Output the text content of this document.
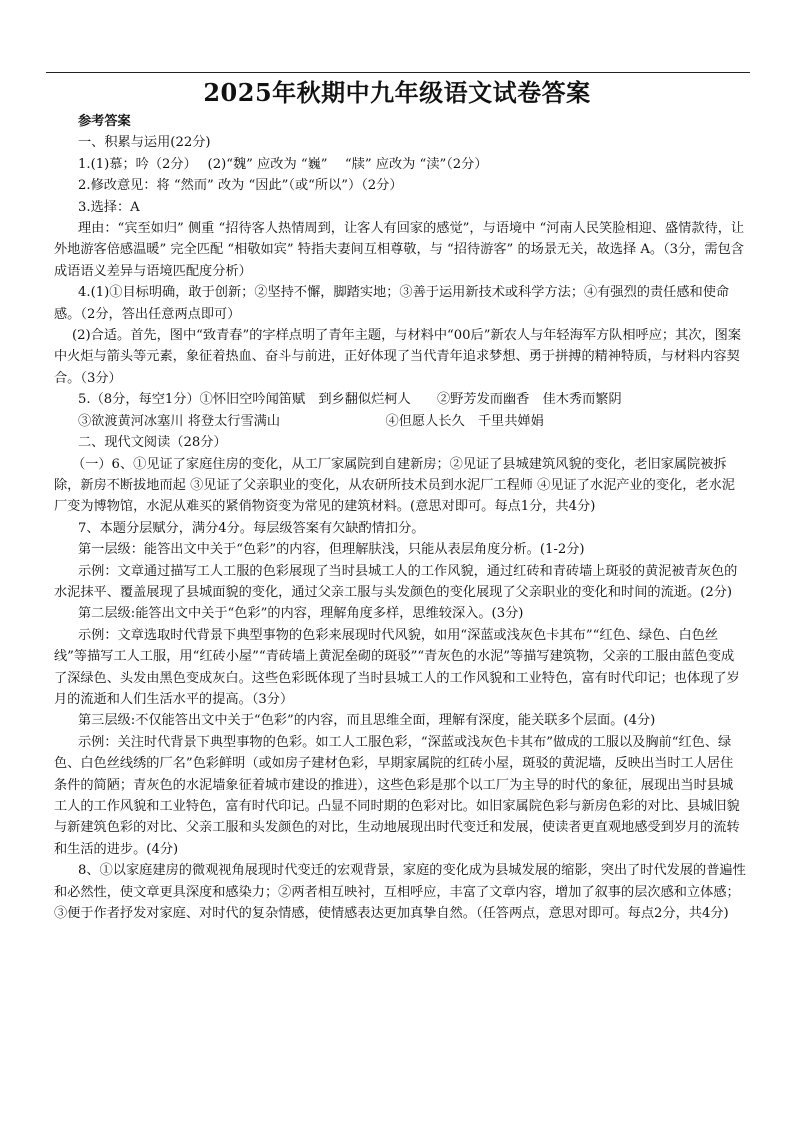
2025年秋期中九年级语文试卷答案

参考答案

一、积累与运用(22分)

1.(1)慕；吟（2分）　 (2)“魏” 应改为 “巍”　 “牍” 应改为 “渎”（2分）

2.修改意见：将 “然而” 改为 “因此”（或“所以”）（2分）

3.选择：A

理由：“宾至如归” 侧重 “招待客人热情周到，让客人有回家的感觉”，与语境中 “河南人民笑脸相迎、盛情款待，让外地游客倍感温暖” 完全匹配 “相敬如宾” 特指夫妻间互相尊敬，与 “招待游客” 的场景无关，故选择 A。（3分，需包含成语语义差异与语境匹配度分析）

4.(1)①目标明确，敢于创新；②坚持不懈，脚踏实地；③善于运用新技术或科学方法；④有强烈的责任感和使命感。（2分，答出任意两点即可）

(2)合适。首先，图中“致青春”的字样点明了青年主题，与材料中“00后”新农人与年轻海军方队相呼应；其次，图案中火炬与箭头等元素，象征着热血、奋斗与前进，正好体现了当代青年追求梦想、勇于拼搏的精神特质，与材料内容契合。（3分）

5.（8分，每空1分）①怀旧空吟闻笛赋　到乡翻似烂柯人　　②野芳发而幽香　佳木秀而繁阴

③欲渡黄河冰塞川 将登太行雪满山　　　　　　　　④但愿人长久　千里共婵娟

二、现代文阅读（28分）

（一）6、①见证了家庭住房的变化，从工厂家属院到自建新房；②见证了县城建筑风貌的变化，老旧家属院被拆除，新房不断拔地而起 ③见证了父亲职业的变化，从农研所技术员到水泥厂工程师 ④见证了水泥产业的变化，老水泥厂变为博物馆，水泥从难买的紧俏物资变为常见的建筑材料。(意思对即可。每点1分，共4分)

7、本题分层赋分，满分4分。每层级答案有欠缺酌情扣分。

第一层级：能答出文中关于“色彩”的内容，但理解肤浅，只能从表层角度分析。(1-2分)

示例：文章通过描写工人工服的色彩展现了当时县城工人的工作风貌，通过红砖和青砖墙上斑驳的黄泥被青灰色的水泥抹平、覆盖展现了县城面貌的变化，通过父亲工服与头发颜色的变化展现了父亲职业的变化和时间的流逝。(2分)

第二层级:能答出文中关于“色彩”的内容，理解角度多样，思维较深入。(3分)

示例：文章选取时代背景下典型事物的色彩来展现时代风貌，如用“深蓝或浅灰色卡其布”“红色、绿色、白色丝线”等描写工人工服，用“红砖小屋”“青砖墙上黄泥垒砌的斑驳”“青灰色的水泥”等描写建筑物，父亲的工服由蓝色变成了深绿色、头发由黑色变成灰白。这些色彩既体现了当时县城工人的工作风貌和工业特色，富有时代印记；也体现了岁月的流逝和人们生活水平的提高。（3分）

第三层级:不仅能答出文中关于“色彩”的内容，而且思维全面，理解有深度，能关联多个层面。(4分)

示例：关注时代背景下典型事物的色彩。如工人工服色彩，“深蓝或浅灰色卡其布”做成的工服以及胸前“红色、绿色、白色丝线绣的厂名”色彩鲜明（或如房子建材色彩，早期家属院的红砖小屋，斑驳的黄泥墙，反映出当时工人居住条件的简陋；青灰色的水泥墙象征着城市建设的推进），这些色彩是那个以工厂为主导的时代的象征，展现出当时县城工人的工作风貌和工业特色，富有时代印记。凸显不同时期的色彩对比。如旧家属院色彩与新房色彩的对比、县城旧貌与新建筑色彩的对比、父亲工服和头发颜色的对比，生动地展现出时代变迁和发展，使读者更直观地感受到岁月的流转和生活的进步。(4分)

8、①以家庭建房的微观视角展现时代变迁的宏观背景，家庭的变化成为县城发展的缩影，突出了时代发展的普遍性和必然性，使文章更具深度和感染力；②两者相互映衬，互相呼应，丰富了文章内容，增加了叙事的层次感和立体感；③便于作者抒发对家庭、对时代的复杂情感，使情感表达更加真挚自然。（任答两点，意思对即可。每点2分，共4分)
